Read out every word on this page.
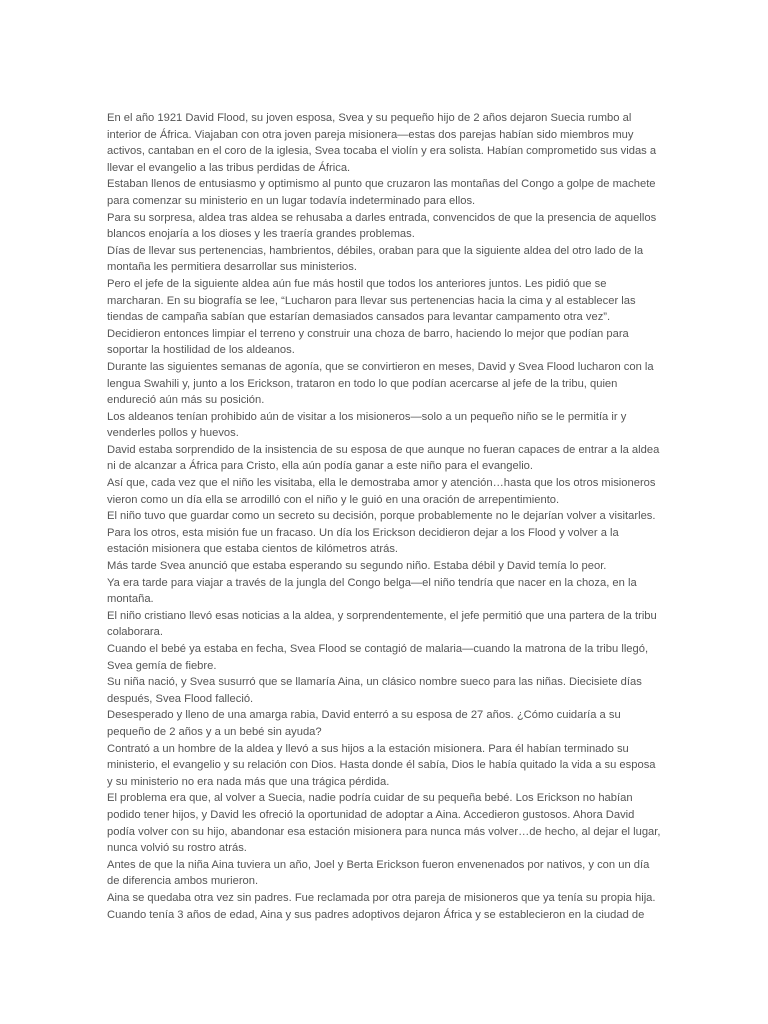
En el año 1921 David Flood, su joven esposa, Svea y su pequeño hijo de 2 años dejaron Suecia rumbo al interior de África. Viajaban con otra joven pareja misionera—estas dos parejas habían sido miembros muy activos, cantaban en el coro de la iglesia, Svea tocaba el violín y era solista. Habían comprometido sus vidas a llevar el evangelio a las tribus perdidas de África.

Estaban llenos de entusiasmo y optimismo al punto que cruzaron las montañas del Congo a golpe de machete para comenzar su ministerio en un lugar todavía indeterminado para ellos.

Para su sorpresa, aldea tras aldea se rehusaba a darles entrada, convencidos de que la presencia de aquellos blancos enojaría a los dioses y les traería grandes problemas.

Días de llevar sus pertenencias, hambrientos, débiles, oraban para que la siguiente aldea del otro lado de la montaña les permitiera desarrollar sus ministerios.

Pero el jefe de la siguiente aldea aún fue más hostil que todos los anteriores juntos. Les pidió que se marcharan. En su biografía se lee, “Lucharon para llevar sus pertenencias hacia la cima y al establecer las tiendas de campaña sabían que estarían demasiados cansados para levantar campamento otra vez”.

Decidieron entonces limpiar el terreno y construir una choza de barro, haciendo lo mejor que podían para soportar la hostilidad de los aldeanos.

Durante las siguientes semanas de agonía, que se convirtieron en meses, David y Svea Flood lucharon con la lengua Swahili y, junto a los Erickson, trataron en todo lo que podían acercarse al jefe de la tribu, quien endureció aún más su posición.

Los aldeanos tenían prohibido aún de visitar a los misioneros—solo a un pequeño niño se le permitía ir y venderles pollos y huevos.

David estaba sorprendido de la insistencia de su esposa de que aunque no fueran capaces de entrar a la aldea ni de alcanzar a África para Cristo, ella aún podía ganar a este niño para el evangelio.

Así que, cada vez que el niño les visitaba, ella le demostraba amor y atención…hasta que los otros misioneros vieron como un día ella se arrodilló con el niño y le guió en una oración de arrepentimiento.

El niño tuvo que guardar como un secreto su decisión, porque probablemente no le dejarían volver a visitarles. Para los otros, esta misión fue un fracaso. Un día los Erickson decidieron dejar a los Flood y volver a la estación misionera que estaba cientos de kilómetros atrás.

Más tarde Svea anunció que estaba esperando su segundo niño. Estaba débil y David temía lo peor.

Ya era tarde para viajar a través de la jungla del Congo belga—el niño tendría que nacer en la choza, en la montaña.

El niño cristiano llevó esas noticias a la aldea, y sorprendentemente, el jefe permitió que una partera de la tribu colaborara.

Cuando el bebé ya estaba en fecha, Svea Flood se contagió de malaria—cuando la matrona de la tribu llegó, Svea gemía de fiebre.

Su niña nació, y Svea susurró que se llamaría Aina, un clásico nombre sueco para las niñas. Diecisiete días después, Svea Flood falleció.

Desesperado y lleno de una amarga rabia, David enterró a su esposa de 27 años. ¿Cómo cuidaría a su pequeño de 2 años y a un bebé sin ayuda?

Contrató a un hombre de la aldea y llevó a sus hijos a la estación misionera. Para él habían terminado su ministerio, el evangelio y su relación con Dios. Hasta donde él sabía, Dios le había quitado la vida a su esposa y su ministerio no era nada más que una trágica pérdida.

El problema era que, al volver a Suecia, nadie podría cuidar de su pequeña bebé. Los Erickson no habían podido tener hijos, y David les ofreció la oportunidad de adoptar a Aina. Accedieron gustosos. Ahora David podía volver con su hijo, abandonar esa estación misionera para nunca más volver…de hecho, al dejar el lugar, nunca volvió su rostro atrás.

Antes de que la niña Aina tuviera un año, Joel y Berta Erickson fueron envenenados por nativos, y con un día de diferencia ambos murieron.

Aina se quedaba otra vez sin padres. Fue reclamada por otra pareja de misioneros que ya tenía su propia hija.

Cuando tenía 3 años de edad, Aina y sus padres adoptivos dejaron África y se establecieron en la ciudad de
